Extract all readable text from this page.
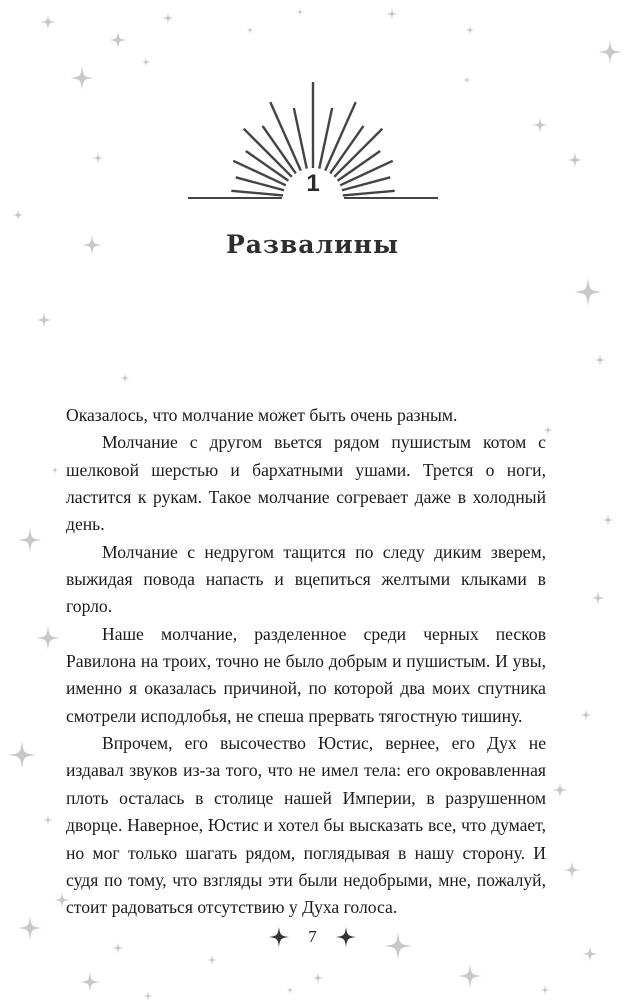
1
Развалины

Оказалось, что молчание может быть очень разным.

Молчание с другом вьется рядом пушистым котом с шелковой шерстью и бархатными ушами. Трется о ноги, ластится к рукам. Такое молчание согревает даже в холодный день.

Молчание с недругом тащится по следу диким зверем, выжидая повода напасть и вцепиться желтыми клыками в горло.

Наше молчание, разделенное среди черных песков Равилона на троих, точно не было добрым и пушистым. И увы, именно я оказалась причиной, по которой два моих спутника смотрели исподлобья, не спеша прервать тягостную тишину.

Впрочем, его высочество Юстис, вернее, его Дух не издавал звуков из-за того, что не имел тела: его окровавленная плоть осталась в столице нашей Империи, в разрушенном дворце. Наверное, Юстис и хотел бы высказать все, что думает, но мог только шагать рядом, поглядывая в нашу сторону. И судя по тому, что взгляды эти были недобрыми, мне, пожалуй, стоит радоваться отсутствию у Духа голоса.

7
